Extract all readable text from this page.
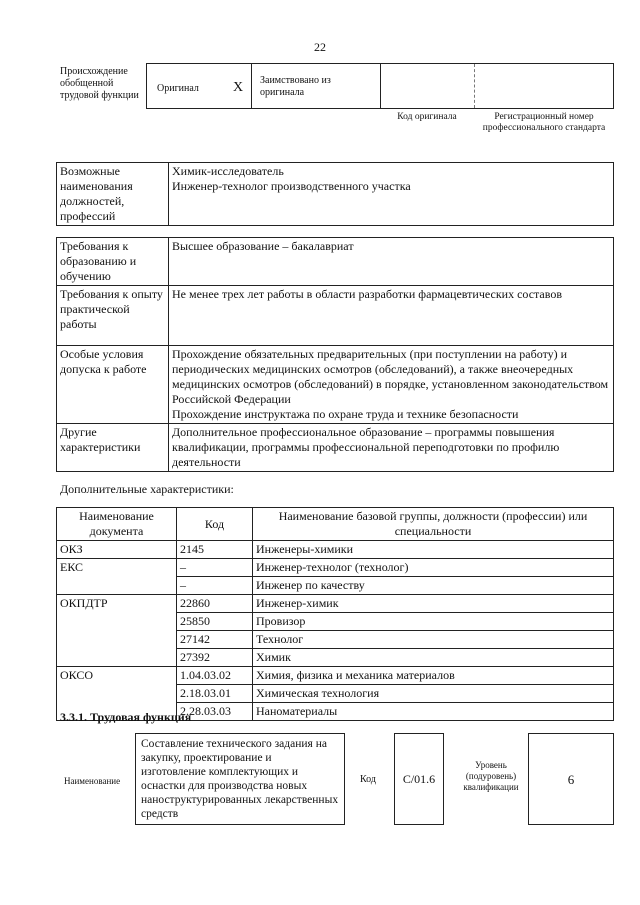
22
Происхождение обобщенной трудовой функции
Оригинал X Заимствовано из оригинала
Код оригинала	Регистрационный номер профессионального стандарта
Возможные наименования должностей, профессий	
Химик-исследователь
Инженер-технолог производственного участка
Требования к образованию и обучению	Высшее образование – бакалавриат
Требования к опыту практической работы	Не менее трех лет работы в области разработки фармацевтических составов
Особые условия допуска к работе	Прохождение обязательных предварительных (при поступлении на работу) и периодических медицинских осмотров (обследований), а также внеочередных медицинских осмотров (обследований) в порядке, установленном законодательством Российской Федерации
Прохождение инструктажа по охране труда и технике безопасности

Другие характеристики	Дополнительное профессиональное образование – программы повышения квалификации, программы профессиональной переподготовки по профилю деятельности
Дополнительные характеристики:
Наименование документа	Код	Наименование базовой группы, должности (профессии) или специальности
ОКЗ	2145	Инженеры-химики
ЕКС	–	Инженер-технолог (технолог)
	–	Инженер по качеству
ОКПДТР	22860	Инженер-химик
	25850	Провизор
	27142	Технолог
	27392	Химик
ОКСО	1.04.03.02	Химия, физика и механика материалов
	2.18.03.01	Химическая технология
	2.28.03.03	Наноматериалы
3.3.1. Трудовая функция
Наименование
Составление технического задания на закупку, проектирование и изготовление комплектующих и оснастки для производства новых наноструктурированных лекарственных средств
Код	C/01.6
Уровень (подуровень) квалификации	6
